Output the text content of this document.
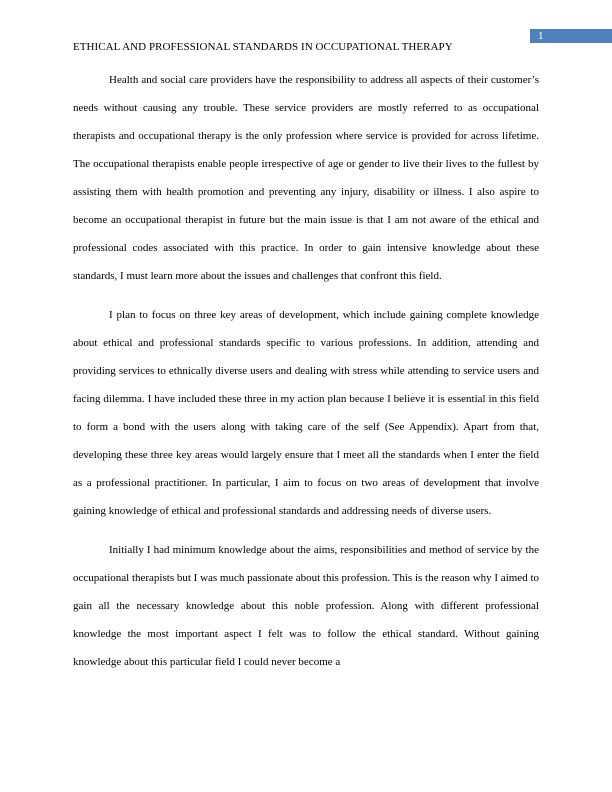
1
ETHICAL AND PROFESSIONAL STANDARDS IN OCCUPATIONAL THERAPY

Health and social care providers have the responsibility to address all aspects of their customer’s needs without causing any trouble. These service providers are mostly referred to as occupational therapists and occupational therapy is the only profession where service is provided for across lifetime. The occupational therapists enable people irrespective of age or gender to live their lives to the fullest by assisting them with health promotion and preventing any injury, disability or illness. I also aspire to become an occupational therapist in future but the main issue is that I am not aware of the ethical and professional codes associated with this practice. In order to gain intensive knowledge about these standards, I must learn more about the issues and challenges that confront this field.

I plan to focus on three key areas of development, which include gaining complete knowledge about ethical and professional standards specific to various professions. In addition, attending and providing services to ethnically diverse users and dealing with stress while attending to service users and facing dilemma. I have included these three in my action plan because I believe it is essential in this field to form a bond with the users along with taking care of the self (See Appendix). Apart from that, developing these three key areas would largely ensure that I meet all the standards when I enter the field as a professional practitioner. In particular, I aim to focus on two areas of development that involve gaining knowledge of ethical and professional standards and addressing needs of diverse users.

Initially I had minimum knowledge about the aims, responsibilities and method of service by the occupational therapists but I was much passionate about this profession. This is the reason why I aimed to gain all the necessary knowledge about this noble profession. Along with different professional knowledge the most important aspect I felt was to follow the ethical standard. Without gaining knowledge about this particular field I could never become a
